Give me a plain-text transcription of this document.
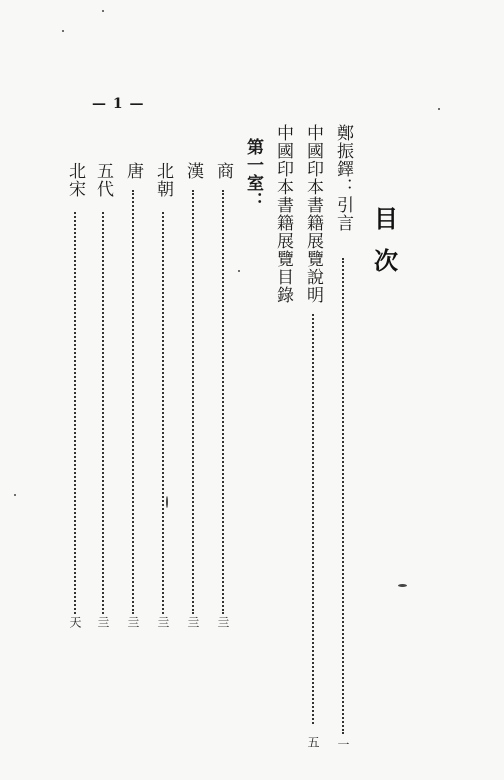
— 1 —
目
次
鄭振鐸：引言
一
中國印本書籍展覽說明
五
中國印本書籍展覽目錄
第一室：
商
亖
漢
亖
北朝
亖
唐
亖
五代
亖
北宋
天
